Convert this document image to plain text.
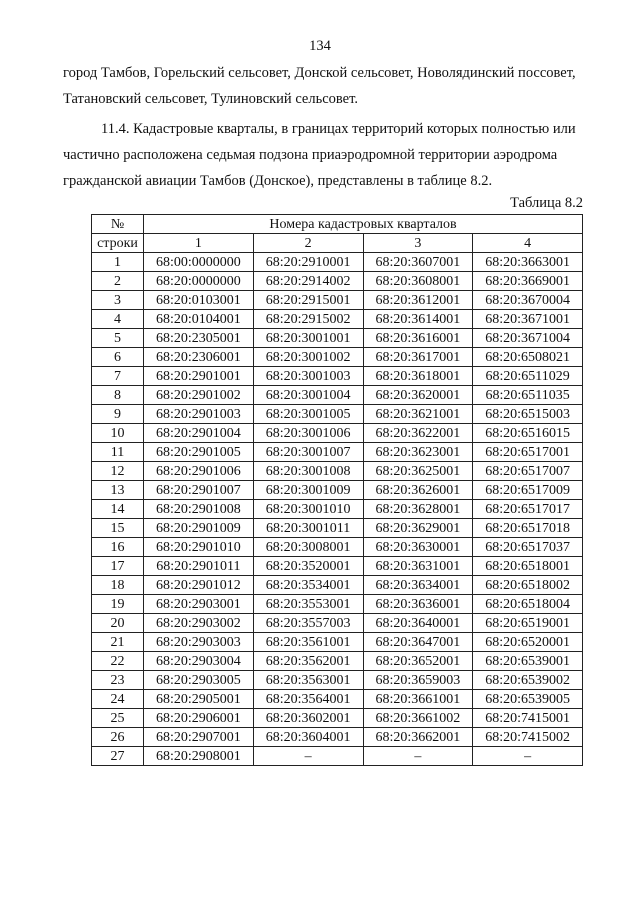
134

город Тамбов, Горельский сельсовет, Донской сельсовет, Новолядинский поссовет,
Татановский сельсовет, Тулиновский сельсовет.

11.4. Кадастровые кварталы, в границах территорий которых полностью или
частично расположена седьмая подзона приаэродромной территории аэродрома
гражданской авиации Тамбов (Донское), представлены в таблице 8.2.

Таблица 8.2
№	Номера кадастровых кварталов			
строки	1	2	3	4
1	68:00:0000000	68:20:2910001	68:20:3607001	68:20:3663001
2	68:20:0000000	68:20:2914002	68:20:3608001	68:20:3669001
3	68:20:0103001	68:20:2915001	68:20:3612001	68:20:3670004
4	68:20:0104001	68:20:2915002	68:20:3614001	68:20:3671001
5	68:20:2305001	68:20:3001001	68:20:3616001	68:20:3671004
6	68:20:2306001	68:20:3001002	68:20:3617001	68:20:6508021
7	68:20:2901001	68:20:3001003	68:20:3618001	68:20:6511029
8	68:20:2901002	68:20:3001004	68:20:3620001	68:20:6511035
9	68:20:2901003	68:20:3001005	68:20:3621001	68:20:6515003
10	68:20:2901004	68:20:3001006	68:20:3622001	68:20:6516015
11	68:20:2901005	68:20:3001007	68:20:3623001	68:20:6517001
12	68:20:2901006	68:20:3001008	68:20:3625001	68:20:6517007
13	68:20:2901007	68:20:3001009	68:20:3626001	68:20:6517009
14	68:20:2901008	68:20:3001010	68:20:3628001	68:20:6517017
15	68:20:2901009	68:20:3001011	68:20:3629001	68:20:6517018
16	68:20:2901010	68:20:3008001	68:20:3630001	68:20:6517037
17	68:20:2901011	68:20:3520001	68:20:3631001	68:20:6518001
18	68:20:2901012	68:20:3534001	68:20:3634001	68:20:6518002
19	68:20:2903001	68:20:3553001	68:20:3636001	68:20:6518004
20	68:20:2903002	68:20:3557003	68:20:3640001	68:20:6519001
21	68:20:2903003	68:20:3561001	68:20:3647001	68:20:6520001
22	68:20:2903004	68:20:3562001	68:20:3652001	68:20:6539001
23	68:20:2903005	68:20:3563001	68:20:3659003	68:20:6539002
24	68:20:2905001	68:20:3564001	68:20:3661001	68:20:6539005
25	68:20:2906001	68:20:3602001	68:20:3661002	68:20:7415001
26	68:20:2907001	68:20:3604001	68:20:3662001	68:20:7415002
27	68:20:2908001	–	–	–
